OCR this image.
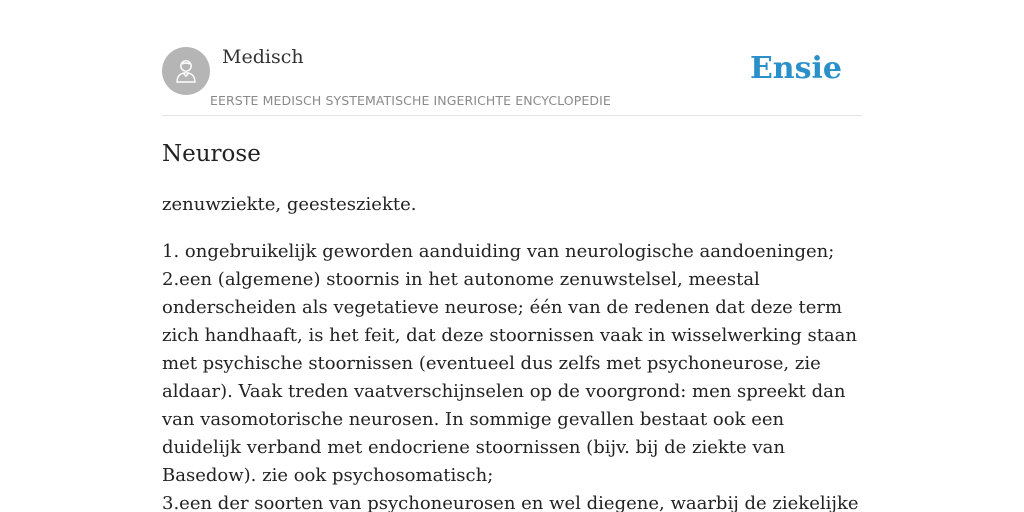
Medisch
EERSTE MEDISCH SYSTEMATISCHE INGERICHTE ENCYCLOPEDIE
Ensie
Neurose

zenuwziekte, geestesziekte.

1. ongebruikelijk geworden aanduiding van neurologische aandoeningen;

2.een (algemene) stoornis in het autonome zenuwstelsel, meestal onderscheiden als vegetatieve neurose; één van de redenen dat deze term zich handhaaft, is het feit, dat deze stoornissen vaak in wisselwerking staan met psychische stoornissen (eventueel dus zelfs met psychoneurose, zie aldaar). Vaak treden vaatverschijnselen op de voorgrond: men spreekt dan van vasomotorische neurosen. In sommige gevallen bestaat ook een duidelijk verband met endocriene stoornissen (bijv. bij de ziekte van Basedow). zie ook psychosomatisch;

3.een der soorten van psychoneurosen en wel diegene, waarbij de ziekelijke
